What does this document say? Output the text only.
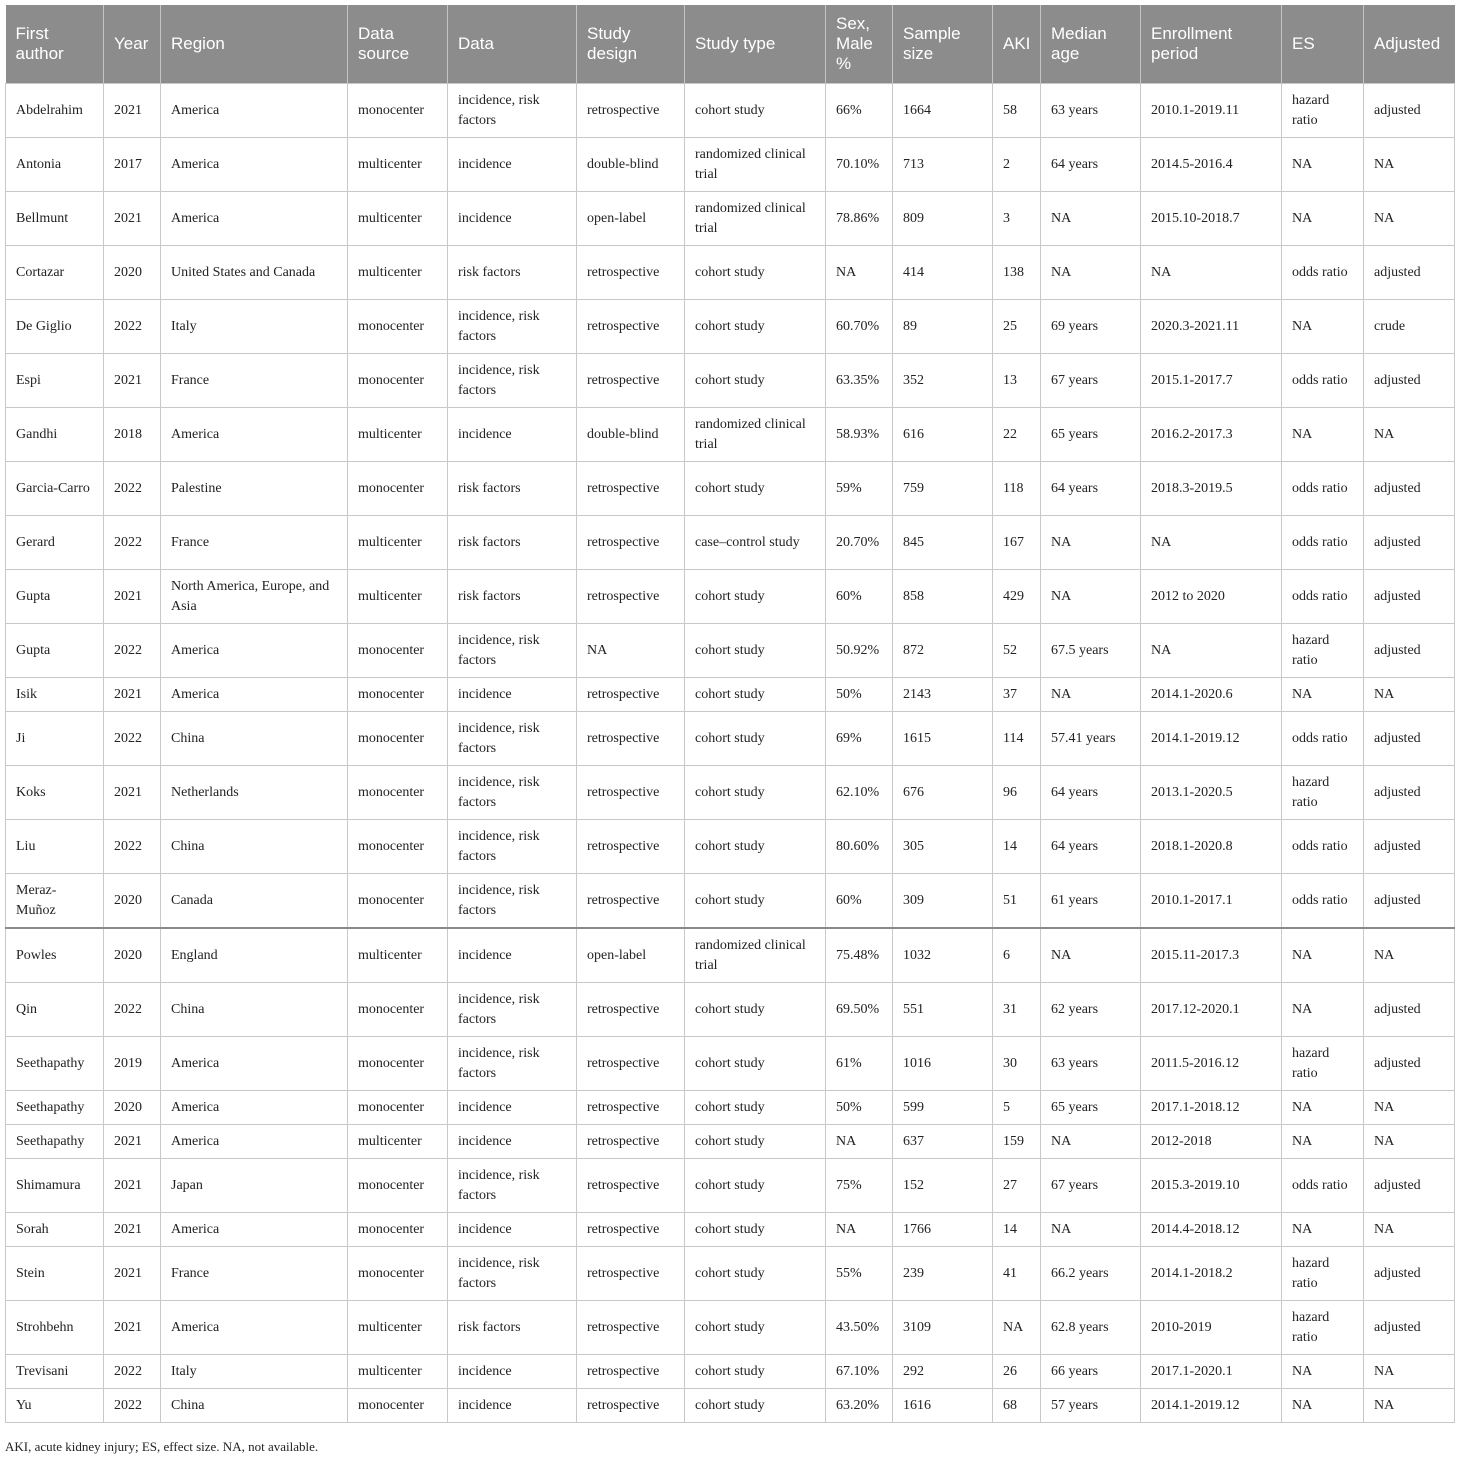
First author	Year	Region	Data source	Data	Study design	Study type	Sex, Male %	Sample size	AKI	Median age	Enrollment period	ES	Adjusted
Abdelrahim	2021	America	monocenter	incidence, risk factors	retrospective	cohort study	66%	1664	58	63 years	2010.1-2019.11	hazard ratio	adjusted
Antonia	2017	America	multicenter	incidence	double-blind	randomized clinical trial	70.10%	713	2	64 years	2014.5-2016.4	NA	NA
Bellmunt	2021	America	multicenter	incidence	open-label	randomized clinical trial	78.86%	809	3	NA	2015.10-2018.7	NA	NA
Cortazar	2020	United States and Canada	multicenter	risk factors	retrospective	cohort study	NA	414	138	NA	NA	odds ratio	adjusted
De Giglio	2022	Italy	monocenter	incidence, risk factors	retrospective	cohort study	60.70%	89	25	69 years	2020.3-2021.11	NA	crude
Espi	2021	France	monocenter	incidence, risk factors	retrospective	cohort study	63.35%	352	13	67 years	2015.1-2017.7	odds ratio	adjusted
Gandhi	2018	America	multicenter	incidence	double-blind	randomized clinical trial	58.93%	616	22	65 years	2016.2-2017.3	NA	NA
Garcia-Carro	2022	Palestine	monocenter	risk factors	retrospective	cohort study	59%	759	118	64 years	2018.3-2019.5	odds ratio	adjusted
Gerard	2022	France	multicenter	risk factors	retrospective	case–control study	20.70%	845	167	NA	NA	odds ratio	adjusted
Gupta	2021	North America, Europe, and Asia	multicenter	risk factors	retrospective	cohort study	60%	858	429	NA	2012 to 2020	odds ratio	adjusted
Gupta	2022	America	monocenter	incidence, risk factors	NA	cohort study	50.92%	872	52	67.5 years	NA	hazard ratio	adjusted
Isik	2021	America	monocenter	incidence	retrospective	cohort study	50%	2143	37	NA	2014.1-2020.6	NA	NA
Ji	2022	China	monocenter	incidence, risk factors	retrospective	cohort study	69%	1615	114	57.41 years	2014.1-2019.12	odds ratio	adjusted
Koks	2021	Netherlands	monocenter	incidence, risk factors	retrospective	cohort study	62.10%	676	96	64 years	2013.1-2020.5	hazard ratio	adjusted
Liu	2022	China	monocenter	incidence, risk factors	retrospective	cohort study	80.60%	305	14	64 years	2018.1-2020.8	odds ratio	adjusted
Meraz-Muñoz	2020	Canada	monocenter	incidence, risk factors	retrospective	cohort study	60%	309	51	61 years	2010.1-2017.1	odds ratio	adjusted
Powles	2020	England	multicenter	incidence	open-label	randomized clinical trial	75.48%	1032	6	NA	2015.11-2017.3	NA	NA
Qin	2022	China	monocenter	incidence, risk factors	retrospective	cohort study	69.50%	551	31	62 years	2017.12-2020.1	NA	adjusted
Seethapathy	2019	America	monocenter	incidence, risk factors	retrospective	cohort study	61%	1016	30	63 years	2011.5-2016.12	hazard ratio	adjusted
Seethapathy	2020	America	monocenter	incidence	retrospective	cohort study	50%	599	5	65 years	2017.1-2018.12	NA	NA
Seethapathy	2021	America	multicenter	incidence	retrospective	cohort study	NA	637	159	NA	2012-2018	NA	NA
Shimamura	2021	Japan	monocenter	incidence, risk factors	retrospective	cohort study	75%	152	27	67 years	2015.3-2019.10	odds ratio	adjusted
Sorah	2021	America	monocenter	incidence	retrospective	cohort study	NA	1766	14	NA	2014.4-2018.12	NA	NA
Stein	2021	France	monocenter	incidence, risk factors	retrospective	cohort study	55%	239	41	66.2 years	2014.1-2018.2	hazard ratio	adjusted
Strohbehn	2021	America	multicenter	risk factors	retrospective	cohort study	43.50%	3109	NA	62.8 years	2010-2019	hazard ratio	adjusted
Trevisani	2022	Italy	multicenter	incidence	retrospective	cohort study	67.10%	292	26	66 years	2017.1-2020.1	NA	NA
Yu	2022	China	monocenter	incidence	retrospective	cohort study	63.20%	1616	68	57 years	2014.1-2019.12	NA	NA

AKI, acute kidney injury; ES, effect size. NA, not available.
